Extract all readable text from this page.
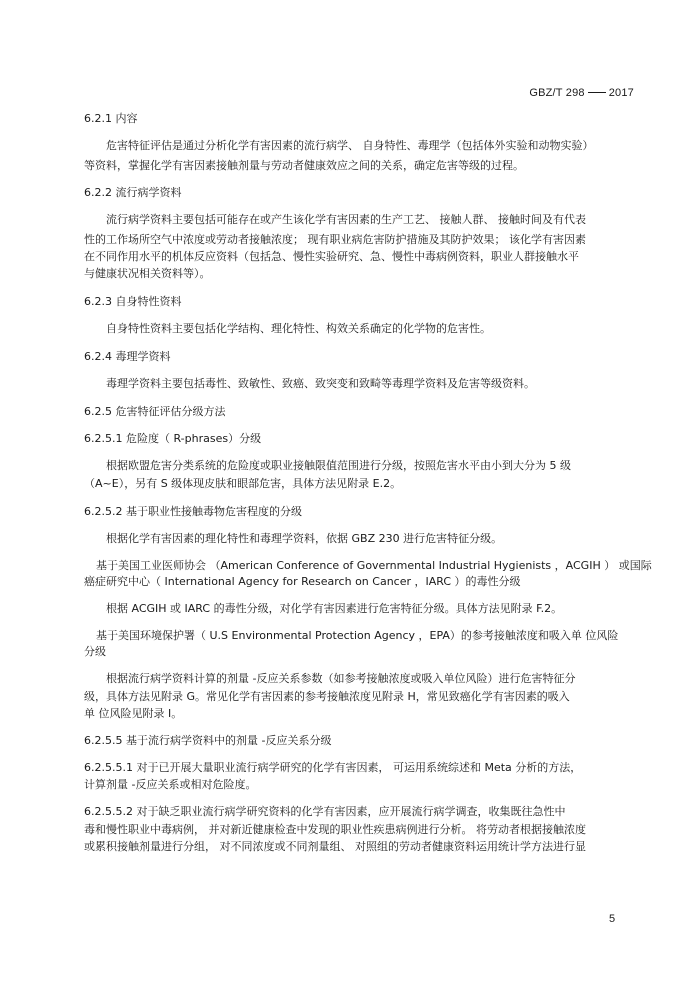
GBZ/T 298 2017
6.2.1 内容
危害特征评估是通过分析化学有害因素的流行病学、 自身特性、毒理学（包括体外实验和动物实验）
等资料，掌握化学有害因素接触剂量与劳动者健康效应之间的关系，确定危害等级的过程。
6.2.2 流行病学资料
流行病学资料主要包括可能存在或产生该化学有害因素的生产工艺、 接触人群、 接触时间及有代表
性的工作场所空气中浓度或劳动者接触浓度； 现有职业病危害防护措施及其防护效果； 该化学有害因素
在不同作用水平的机体反应资料（包括急、慢性实验研究、急、慢性中毒病例资料，职业人群接触水平
与健康状况相关资料等）。
6.2.3 自身特性资料
自身特性资料主要包括化学结构、理化特性、构效关系确定的化学物的危害性。
6.2.4 毒理学资料
毒理学资料主要包括毒性、致敏性、致癌、致突变和致畸等毒理学资料及危害等级资料。
6.2.5 危害特征评估分级方法
6.2.5.1 危险度（ R-phrases）分级
根据欧盟危害分类系统的危险度或职业接触限值范围进行分级，按照危害水平由小到大分为 5 级
（A~E），另有 S 级体现皮肤和眼部危害，具体方法见附录 E.2。
6.2.5.2 基于职业性接触毒物危害程度的分级
根据化学有害因素的理化特性和毒理学资料，依据 GBZ 230 进行危害特征分级。
基于美国工业医师协会 （American Conference of Governmental Industrial Hygienists ，ACGIH ） 或国际
癌症研究中心（ International Agency for Research on Cancer ，IARC ）的毒性分级
根据 ACGIH 或 IARC 的毒性分级，对化学有害因素进行危害特征分级。具体方法见附录 F.2。
基于美国环境保护署（ U.S Environmental Protection Agency ，EPA）的参考接触浓度和吸入单 位风险
分级
根据流行病学资料计算的剂量 -反应关系参数（如参考接触浓度或吸入单位风险）进行危害特征分
级，具体方法见附录 G。常见化学有害因素的参考接触浓度见附录 H，常见致癌化学有害因素的吸入
单 位风险见附录 I。
6.2.5.5 基于流行病学资料中的剂量 -反应关系分级
6.2.5.5.1 对于已开展大量职业流行病学研究的化学有害因素， 可运用系统综述和 Meta 分析的方法，
计算剂量 -反应关系或相对危险度。
6.2.5.5.2 对于缺乏职业流行病学研究资料的化学有害因素，应开展流行病学调查，收集既往急性中
毒和慢性职业中毒病例， 并对新近健康检查中发现的职业性疾患病例进行分析。 将劳动者根据接触浓度
或累积接触剂量进行分组， 对不同浓度或不同剂量组、 对照组的劳动者健康资料运用统计学方法进行显
5
